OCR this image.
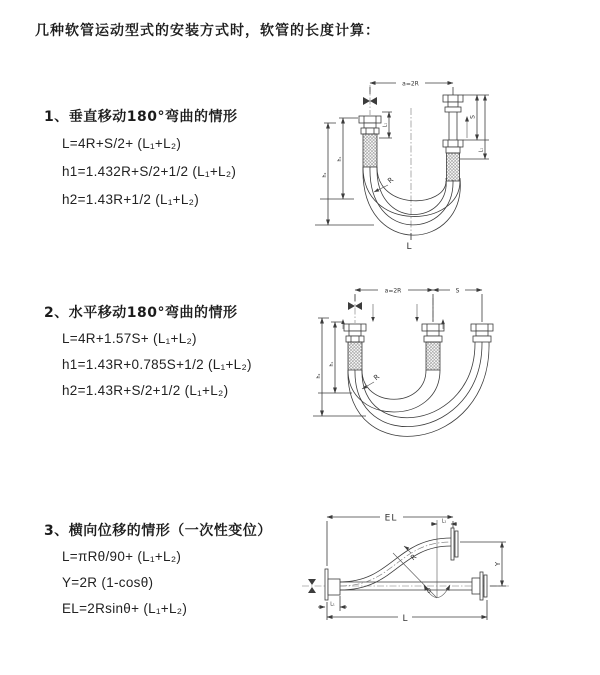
几种软管运动型式的安装方式时，软管的长度计算：
1、垂直移动180°弯曲的情形
L=4R+S/2+ (L₁+L₂)
h1=1.432R+S/2+1/2 (L₁+L₂)
h2=1.43R+1/2 (L₁+L₂)
2、水平移动180°弯曲的情形
L=4R+1.57S+ (L₁+L₂)
h1=1.43R+0.785S+1/2 (L₁+L₂)
h2=1.43R+S/2+1/2 (L₁+L₂)
3、横向位移的情形（一次性变位）
L=πRθ/90+ (L₁+L₂)
Y=2R (1-cosθ)
EL=2Rsinθ+ (L₁+L₂)
a=2R
L₁
S
L₁
h₁
h₂
R
L
a=2R	S
h₁
h₂	R
EL	L₁
Y
R
θ
L
L₁
